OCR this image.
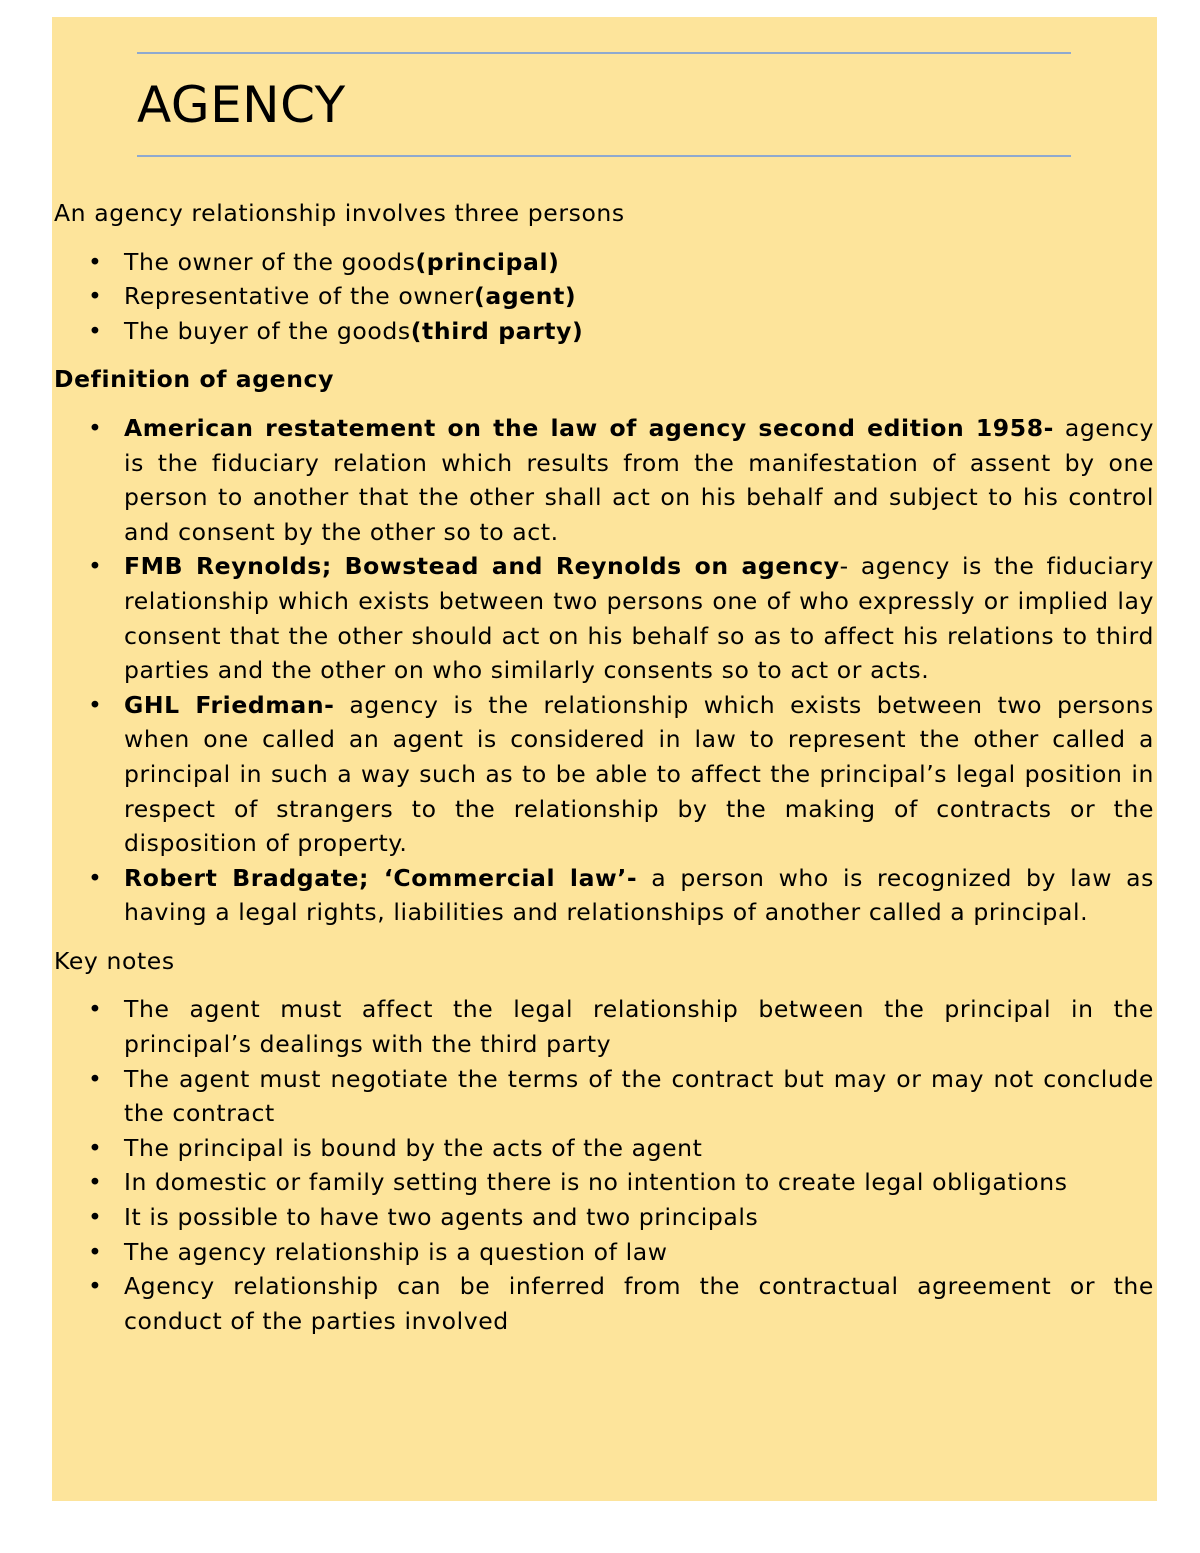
AGENCY

An agency relationship involves three persons

• The owner of the goods(principal)
• Representative of the owner(agent)
• The buyer of the goods(third party)

Definition of agency

• American restatement on the law of agency second edition 1958- agency is the fiduciary relation which results from the manifestation of assent by one person to another that the other shall act on his behalf and subject to his control and consent by the other so to act.
• FMB Reynolds; Bowstead and Reynolds on agency- agency is the fiduciary relationship which exists between two persons one of who expressly or implied lay consent that the other should act on his behalf so as to affect his relations to third parties and the other on who similarly consents so to act or acts.
• GHL Friedman- agency is the relationship which exists between two persons when one called an agent is considered in law to represent the other called a principal in such a way such as to be able to affect the principal’s legal position in respect of strangers to the relationship by the making of contracts or the disposition of property.
• Robert Bradgate; ‘Commercial law’- a person who is recognized by law as having a legal rights, liabilities and relationships of another called a principal.

Key notes

• The agent must affect the legal relationship between the principal in the principal’s dealings with the third party
• The agent must negotiate the terms of the contract but may or may not conclude the contract
• The principal is bound by the acts of the agent
• In domestic or family setting there is no intention to create legal obligations
• It is possible to have two agents and two principals
• The agency relationship is a question of law
• Agency relationship can be inferred from the contractual agreement or the conduct of the parties involved
